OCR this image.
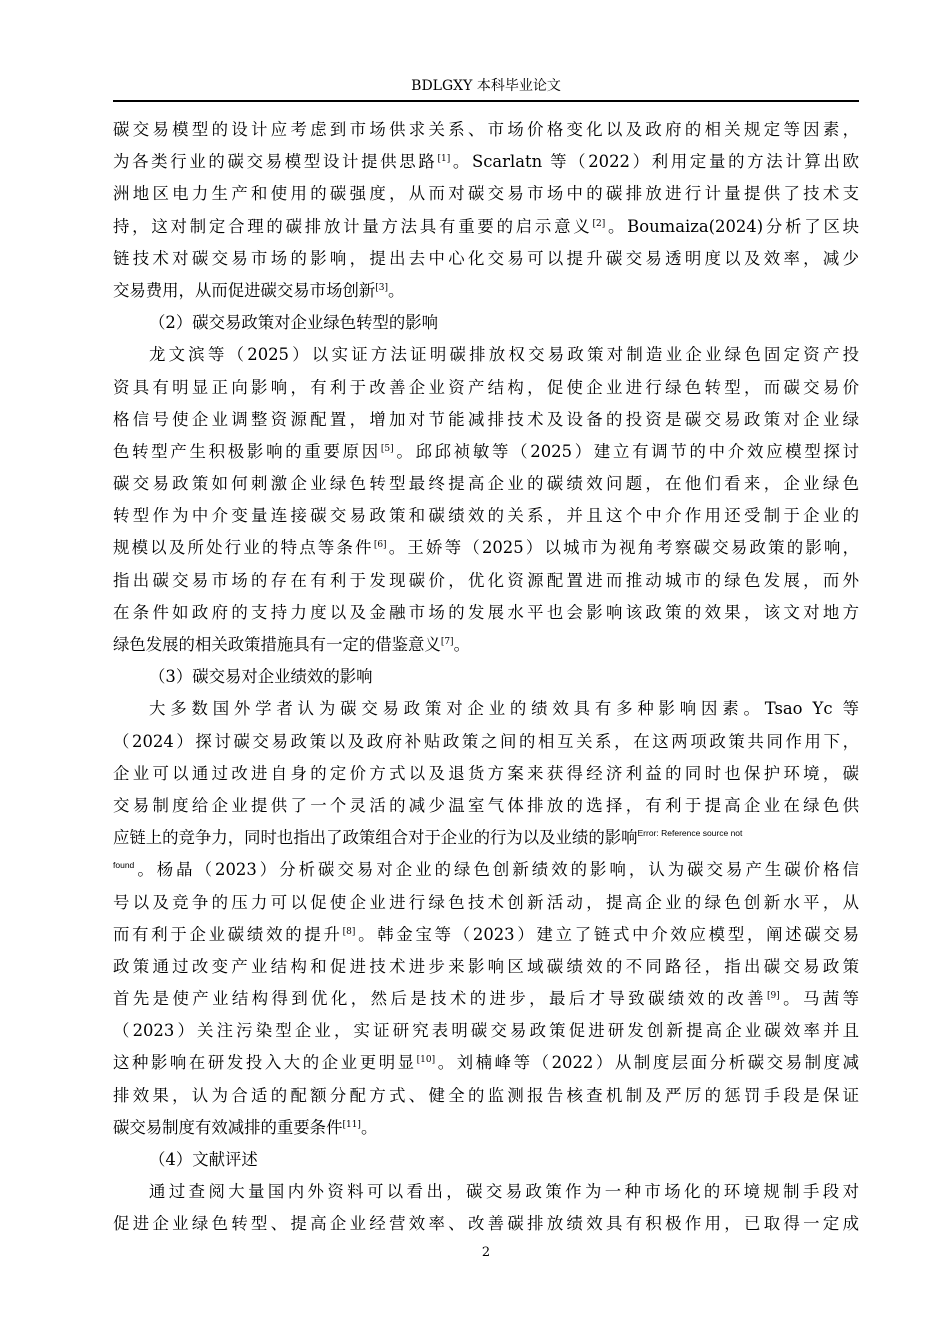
BDLGXY 本科毕业论文
碳交易模型的设计应考虑到市场供求关系、市场价格变化以及政府的相关规定等因素，
为各类行业的碳交易模型设计提供思路[1]。Scarlatn 等（2022）利用定量的方法计算出欧
洲地区电力生产和使用的碳强度，从而对碳交易市场中的碳排放进行计量提供了技术支
持，这对制定合理的碳排放计量方法具有重要的启示意义[2]。Boumaiza(2024)分析了区块
链技术对碳交易市场的影响，提出去中心化交易可以提升碳交易透明度以及效率，减少
交易费用，从而促进碳交易市场创新[3]。
（2）碳交易政策对企业绿色转型的影响
龙文滨等（2025）以实证方法证明碳排放权交易政策对制造业企业绿色固定资产投
资具有明显正向影响，有利于改善企业资产结构，促使企业进行绿色转型，而碳交易价
格信号使企业调整资源配置，增加对节能减排技术及设备的投资是碳交易政策对企业绿
色转型产生积极影响的重要原因[5]。邱邱祯敏等（2025）建立有调节的中介效应模型探讨
碳交易政策如何刺激企业绿色转型最终提高企业的碳绩效问题，在他们看来，企业绿色
转型作为中介变量连接碳交易政策和碳绩效的关系，并且这个中介作用还受制于企业的
规模以及所处行业的特点等条件[6]。王娇等（2025）以城市为视角考察碳交易政策的影响，
指出碳交易市场的存在有利于发现碳价，优化资源配置进而推动城市的绿色发展，而外
在条件如政府的支持力度以及金融市场的发展水平也会影响该政策的效果，该文对地方
绿色发展的相关政策措施具有一定的借鉴意义[7]。
（3）碳交易对企业绩效的影响
大多数国外学者认为碳交易政策对企业的绩效具有多种影响因素。Tsao Yc 等
（2024）探讨碳交易政策以及政府补贴政策之间的相互关系，在这两项政策共同作用下，
企业可以通过改进自身的定价方式以及退货方案来获得经济利益的同时也保护环境，碳
交易制度给企业提供了一个灵活的减少温室气体排放的选择，有利于提高企业在绿色供
应链上的竞争力，同时也指出了政策组合对于企业的行为以及业绩的影响$^{Error: Reference source not}$
$^{found}$。杨晶（2023）分析碳交易对企业的绿色创新绩效的影响，认为碳交易产生碳价格信
号以及竞争的压力可以促使企业进行绿色技术创新活动，提高企业的绿色创新水平，从
而有利于企业碳绩效的提升[8]。韩金宝等（2023）建立了链式中介效应模型，阐述碳交易
政策通过改变产业结构和促进技术进步来影响区域碳绩效的不同路径，指出碳交易政策
首先是使产业结构得到优化，然后是技术的进步，最后才导致碳绩效的改善[9]。马茜等
（2023）关注污染型企业，实证研究表明碳交易政策促进研发创新提高企业碳效率并且
这种影响在研发投入大的企业更明显[10]。刘楠峰等（2022）从制度层面分析碳交易制度减
排效果，认为合适的配额分配方式、健全的监测报告核查机制及严厉的惩罚手段是保证
碳交易制度有效减排的重要条件[11]。
（4）文献评述
通过查阅大量国内外资料可以看出，碳交易政策作为一种市场化的环境规制手段对
促进企业绿色转型、提高企业经营效率、改善碳排放绩效具有积极作用，已取得一定成
2
